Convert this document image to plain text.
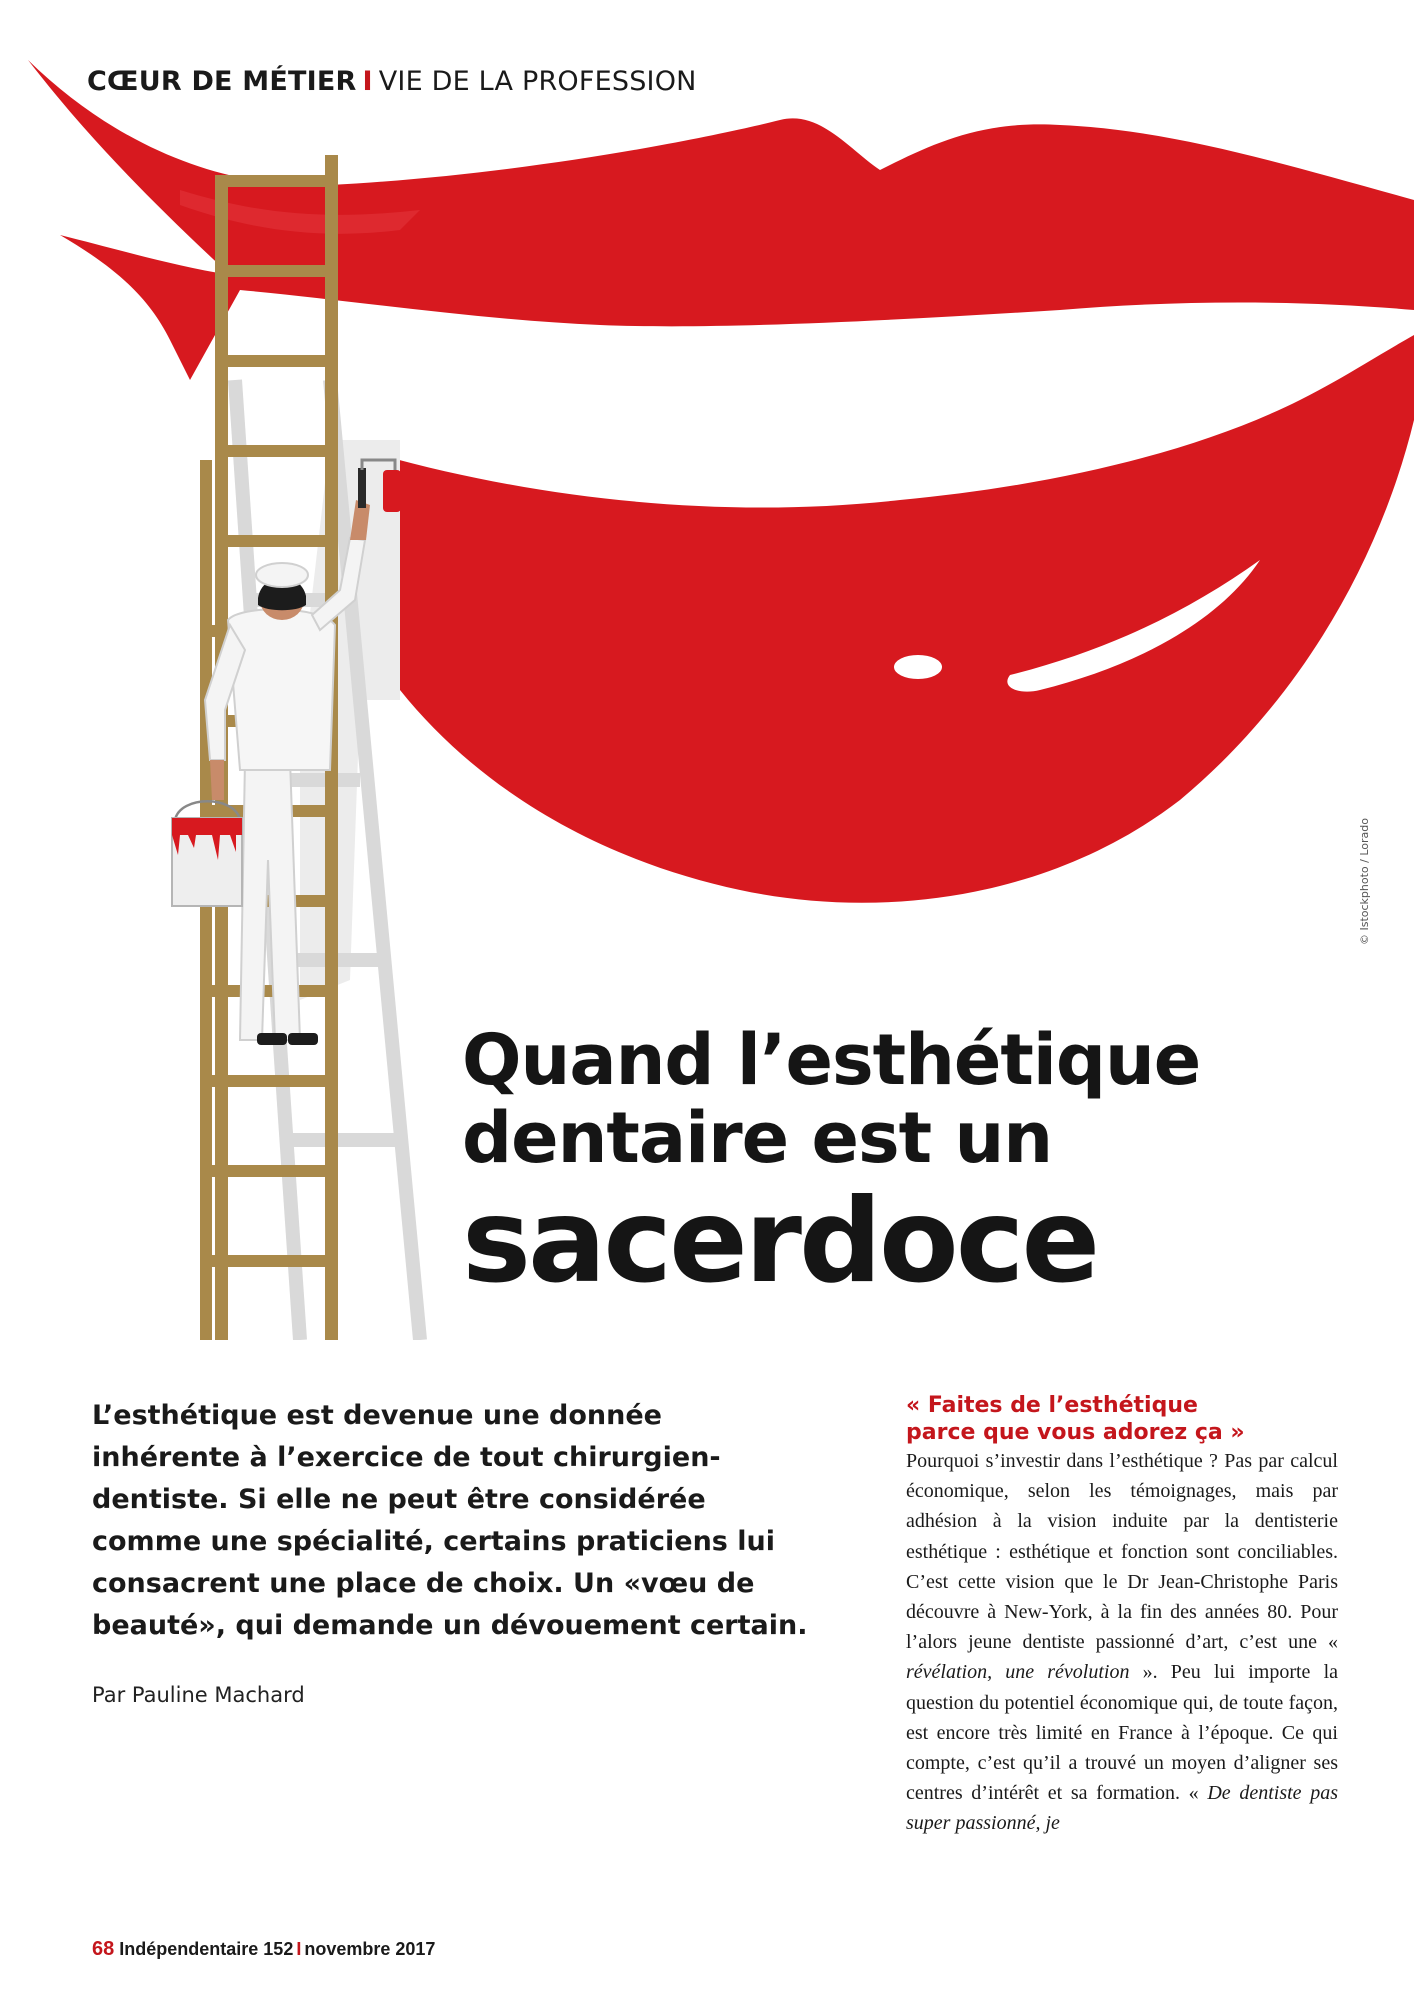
CŒUR DE MÉTIER I VIE DE LA PROFESSION
© Istockphoto / Lorado
Quand l’esthétique
dentaire est un
sacerdoce

L’esthétique est devenue une donnée inhérente à l’exercice de tout chirurgien-dentiste. Si elle ne peut être considérée comme une spécialité, certains praticiens lui consacrent une place de choix. Un «vœu de beauté», qui demande un dévouement certain.

Par Pauline Machard
« Faites de l’esthétique
parce que vous adorez ça »

Pourquoi s’investir dans l’esthétique ? Pas par calcul économique, selon les témoignages, mais par adhésion à la vision induite par la dentisterie esthétique : esthétique et fonction sont conciliables. C’est cette vision que le Dr Jean-Christophe Paris découvre à New-York, à la fin des années 80. Pour l’alors jeune dentiste passionné d’art, c’est une « révélation, une révolution ». Peu lui importe la question du potentiel économique qui, de toute façon, est encore très limité en France à l’époque. Ce qui compte, c’est qu’il a trouvé un moyen d’aligner ses centres d’intérêt et sa formation. « De dentiste pas super passionné, je

68 Indépendentaire 152 I novembre 2017
